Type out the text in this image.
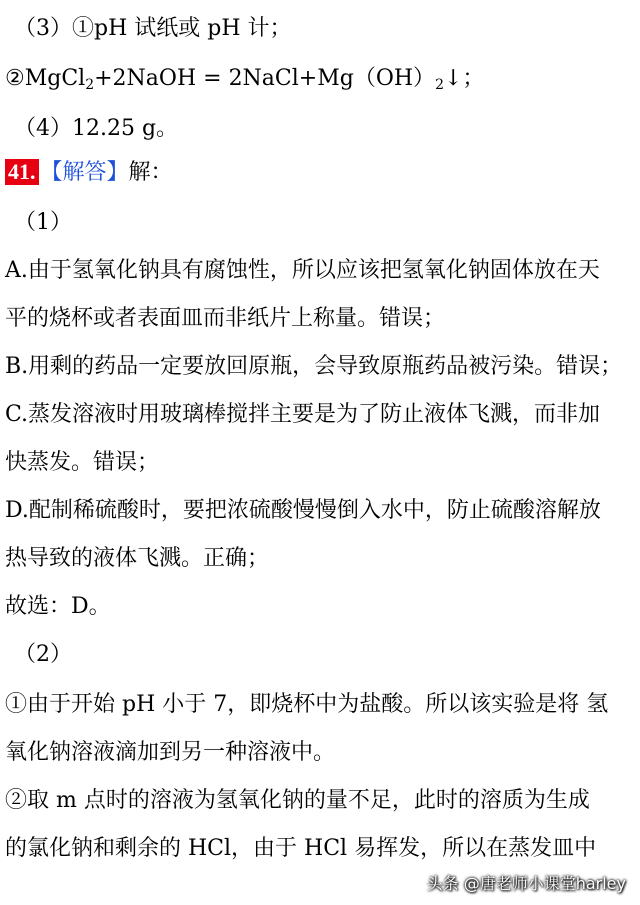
（3）①pH 试纸或 pH 计；
②MgCl$_2$+2NaOH = $2NaCl+Mg(OH)_2↓$；
（4）12.25 g。
41. 【解答】解：
（1）
A.由于氢氧化钠具有腐蚀性，所以应该把氢氧化钠固体放在天
平的烧杯或者表面皿而非纸片上称量。错误；
B.用剩的药品一定要放回原瓶，会导致原瓶药品被污染。错误；
C.蒸发溶液时用玻璃棒搅拌主要是为了防止液体飞溅，而非加
快蒸发。错误；
D.配制稀硫酸时，要把浓硫酸慢慢倒入水中，防止硫酸溶解放
热导致的液体飞溅。正确；
故选：D。
（2）
①由于开始 pH 小于 7，即烧杯中为盐酸。所以该实验是将 氢
氧化钠溶液滴加到另一种溶液中。
②取 m 点时的溶液为氢氧化钠的量不足，此时的溶质为生成
的氯化钠和剩余的 HCl，由于 HCl 易挥发，所以在蒸发皿中
头条 @唐老师小课堂harley
